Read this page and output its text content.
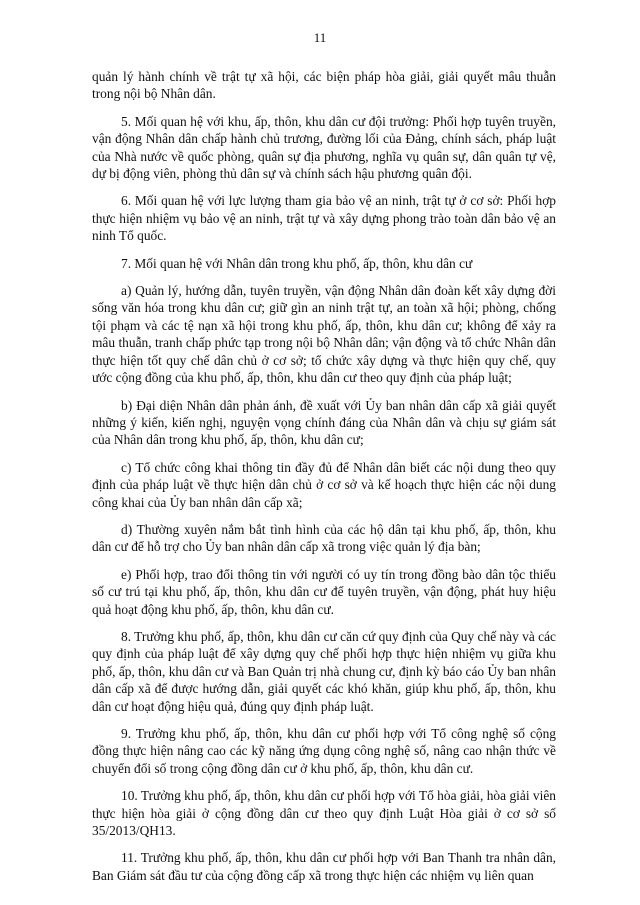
11

quản lý hành chính về trật tự xã hội, các biện pháp hòa giải, giải quyết mâu thuẫn trong nội bộ Nhân dân.

5. Mối quan hệ với khu, ấp, thôn, khu dân cư đội trưởng: Phối hợp tuyên truyền, vận động Nhân dân chấp hành chủ trương, đường lối của Đảng, chính sách, pháp luật của Nhà nước về quốc phòng, quân sự địa phương, nghĩa vụ quân sự, dân quân tự vệ, dự bị động viên, phòng thủ dân sự và chính sách hậu phương quân đội.

6. Mối quan hệ với lực lượng tham gia bảo vệ an ninh, trật tự ở cơ sở: Phối hợp thực hiện nhiệm vụ bảo vệ an ninh, trật tự và xây dựng phong trào toàn dân bảo vệ an ninh Tổ quốc.

7. Mối quan hệ với Nhân dân trong khu phố, ấp, thôn, khu dân cư

a) Quản lý, hướng dẫn, tuyên truyền, vận động Nhân dân đoàn kết xây dựng đời sống văn hóa trong khu dân cư; giữ gìn an ninh trật tự, an toàn xã hội; phòng, chống tội phạm và các tệ nạn xã hội trong khu phố, ấp, thôn, khu dân cư; không để xảy ra mâu thuẫn, tranh chấp phức tạp trong nội bộ Nhân dân; vận động và tổ chức Nhân dân thực hiện tốt quy chế dân chủ ở cơ sở; tổ chức xây dựng và thực hiện quy chế, quy ước cộng đồng của khu phố, ấp, thôn, khu dân cư theo quy định của pháp luật;

b) Đại diện Nhân dân phản ánh, đề xuất với Ủy ban nhân dân cấp xã giải quyết những ý kiến, kiến nghị, nguyện vọng chính đáng của Nhân dân và chịu sự giám sát của Nhân dân trong khu phố, ấp, thôn, khu dân cư;

c) Tổ chức công khai thông tin đầy đủ để Nhân dân biết các nội dung theo quy định của pháp luật về thực hiện dân chủ ở cơ sở và kế hoạch thực hiện các nội dung công khai của Ủy ban nhân dân cấp xã;

d) Thường xuyên nắm bắt tình hình của các hộ dân tại khu phố, ấp, thôn, khu dân cư để hỗ trợ cho Ủy ban nhân dân cấp xã trong việc quản lý địa bàn;

e) Phối hợp, trao đổi thông tin với người có uy tín trong đồng bào dân tộc thiểu số cư trú tại khu phố, ấp, thôn, khu dân cư để tuyên truyền, vận động, phát huy hiệu quả hoạt động khu phố, ấp, thôn, khu dân cư.

8. Trưởng khu phố, ấp, thôn, khu dân cư căn cứ quy định của Quy chế này và các quy định của pháp luật để xây dựng quy chế phối hợp thực hiện nhiệm vụ giữa khu phố, ấp, thôn, khu dân cư và Ban Quản trị nhà chung cư, định kỳ báo cáo Ủy ban nhân dân cấp xã để được hướng dẫn, giải quyết các khó khăn, giúp khu phố, ấp, thôn, khu dân cư hoạt động hiệu quả, đúng quy định pháp luật.

9. Trưởng khu phố, ấp, thôn, khu dân cư phối hợp với Tổ công nghệ số cộng đồng thực hiện nâng cao các kỹ năng ứng dụng công nghệ số, nâng cao nhận thức về chuyển đổi số trong cộng đồng dân cư ở khu phố, ấp, thôn, khu dân cư.

10. Trưởng khu phố, ấp, thôn, khu dân cư phối hợp với Tổ hòa giải, hòa giải viên thực hiện hòa giải ở cộng đồng dân cư theo quy định Luật Hòa giải ở cơ sở số 35/2013/QH13.

11. Trưởng khu phố, ấp, thôn, khu dân cư phối hợp với Ban Thanh tra nhân dân, Ban Giám sát đầu tư của cộng đồng cấp xã trong thực hiện các nhiệm vụ liên quan
